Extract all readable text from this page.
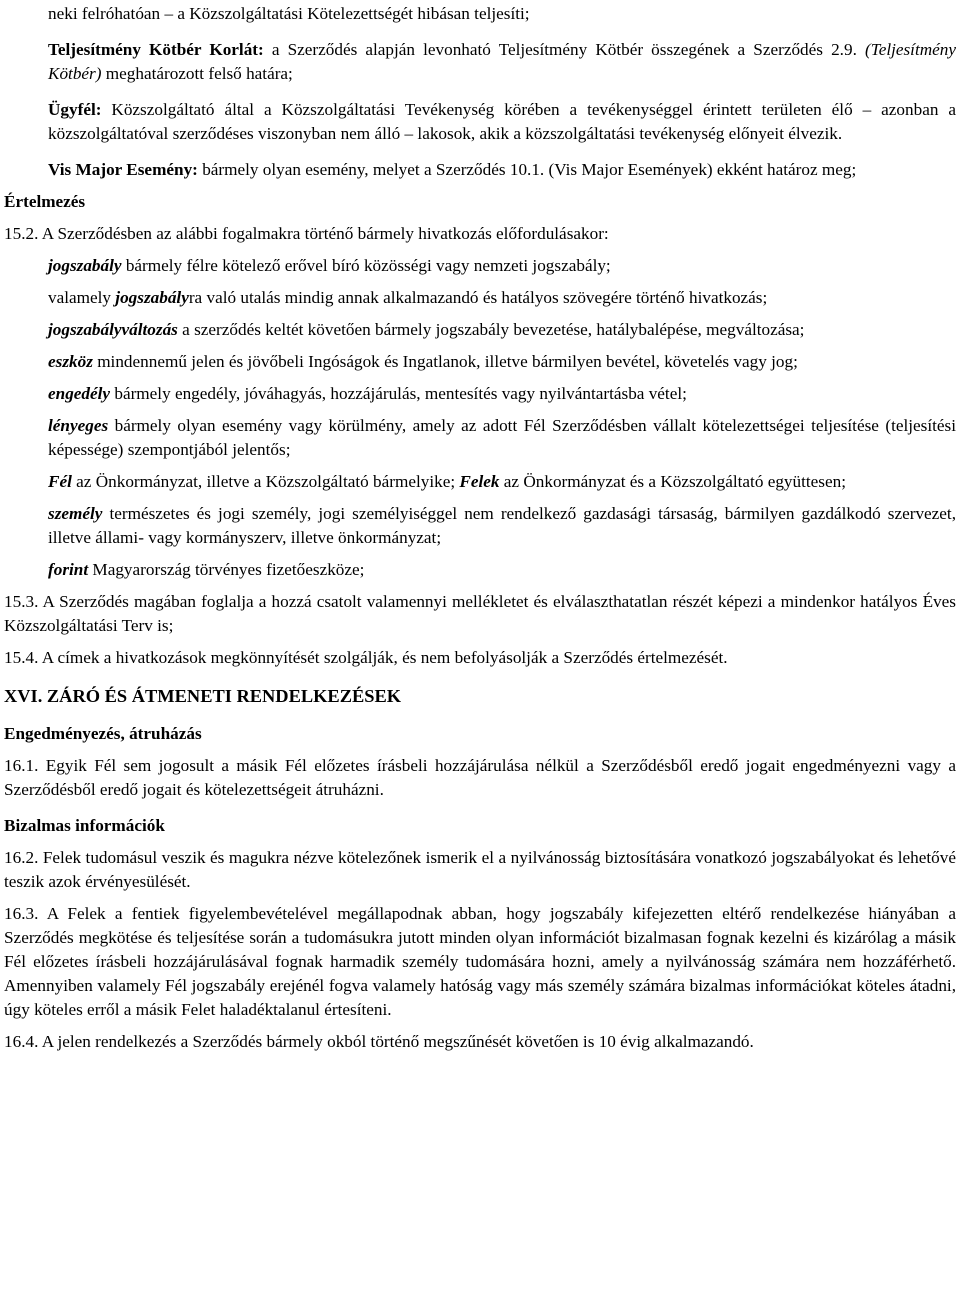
neki felróhatóan – a Közszolgáltatási Kötelezettségét hibásan teljesíti;

Teljesítmény Kötbér Korlát: a Szerződés alapján levonható Teljesítmény Kötbér összegének a Szerződés 2.9. (Teljesítmény Kötbér) meghatározott felső határa;

Ügyfél: Közszolgáltató által a Közszolgáltatási Tevékenység körében a tevékenységgel érintett területen élő – azonban a közszolgáltatóval szerződéses viszonyban nem álló – lakosok, akik a közszolgáltatási tevékenység előnyeit élvezik.

Vis Major Esemény: bármely olyan esemény, melyet a Szerződés 10.1. (Vis Major Események) ekként határoz meg;

Értelmezés

15.2. A Szerződésben az alábbi fogalmakra történő bármely hivatkozás előfordulásakor:

jogszabály bármely félre kötelező erővel bíró közösségi vagy nemzeti jogszabály;

valamely jogszabályra való utalás mindig annak alkalmazandó és hatályos szövegére történő hivatkozás;

jogszabályváltozás a szerződés keltét követően bármely jogszabály bevezetése, hatálybalépése, megváltozása;

eszköz mindennemű jelen és jövőbeli Ingóságok és Ingatlanok, illetve bármilyen bevétel, követelés vagy jog;

engedély bármely engedély, jóváhagyás, hozzájárulás, mentesítés vagy nyilvántartásba vétel;

lényeges bármely olyan esemény vagy körülmény, amely az adott Fél Szerződésben vállalt kötelezettségei teljesítése (teljesítési képessége) szempontjából jelentős;

Fél az Önkormányzat, illetve a Közszolgáltató bármelyike; Felek az Önkormányzat és a Közszolgáltató együttesen;

személy természetes és jogi személy, jogi személyiséggel nem rendelkező gazdasági társaság, bármilyen gazdálkodó szervezet, illetve állami- vagy kormányszerv, illetve önkormányzat;

forint Magyarország törvényes fizetőeszköze;

15.3. A Szerződés magában foglalja a hozzá csatolt valamennyi mellékletet és elválaszthatatlan részét képezi a mindenkor hatályos Éves Közszolgáltatási Terv is;

15.4. A címek a hivatkozások megkönnyítését szolgálják, és nem befolyásolják a Szerződés értelmezését.

XVI. ZÁRÓ ÉS ÁTMENETI RENDELKEZÉSEK

Engedményezés, átruházás

16.1. Egyik Fél sem jogosult a másik Fél előzetes írásbeli hozzájárulása nélkül a Szerződésből eredő jogait engedményezni vagy a Szerződésből eredő jogait és kötelezettségeit átruházni.

Bizalmas információk

16.2. Felek tudomásul veszik és magukra nézve kötelezőnek ismerik el a nyilvánosság biztosítására vonatkozó jogszabályokat és lehetővé teszik azok érvényesülését.

16.3. A Felek a fentiek figyelembevételével megállapodnak abban, hogy jogszabály kifejezetten eltérő rendelkezése hiányában a Szerződés megkötése és teljesítése során a tudomásukra jutott minden olyan információt bizalmasan fognak kezelni és kizárólag a másik Fél előzetes írásbeli hozzájárulásával fognak harmadik személy tudomására hozni, amely a nyilvánosság számára nem hozzáférhető. Amennyiben valamely Fél jogszabály erejénél fogva valamely hatóság vagy más személy számára bizalmas információkat köteles átadni, úgy köteles erről a másik Felet haladéktalanul értesíteni.

16.4. A jelen rendelkezés a Szerződés bármely okból történő megszűnését követően is 10 évig alkalmazandó.
